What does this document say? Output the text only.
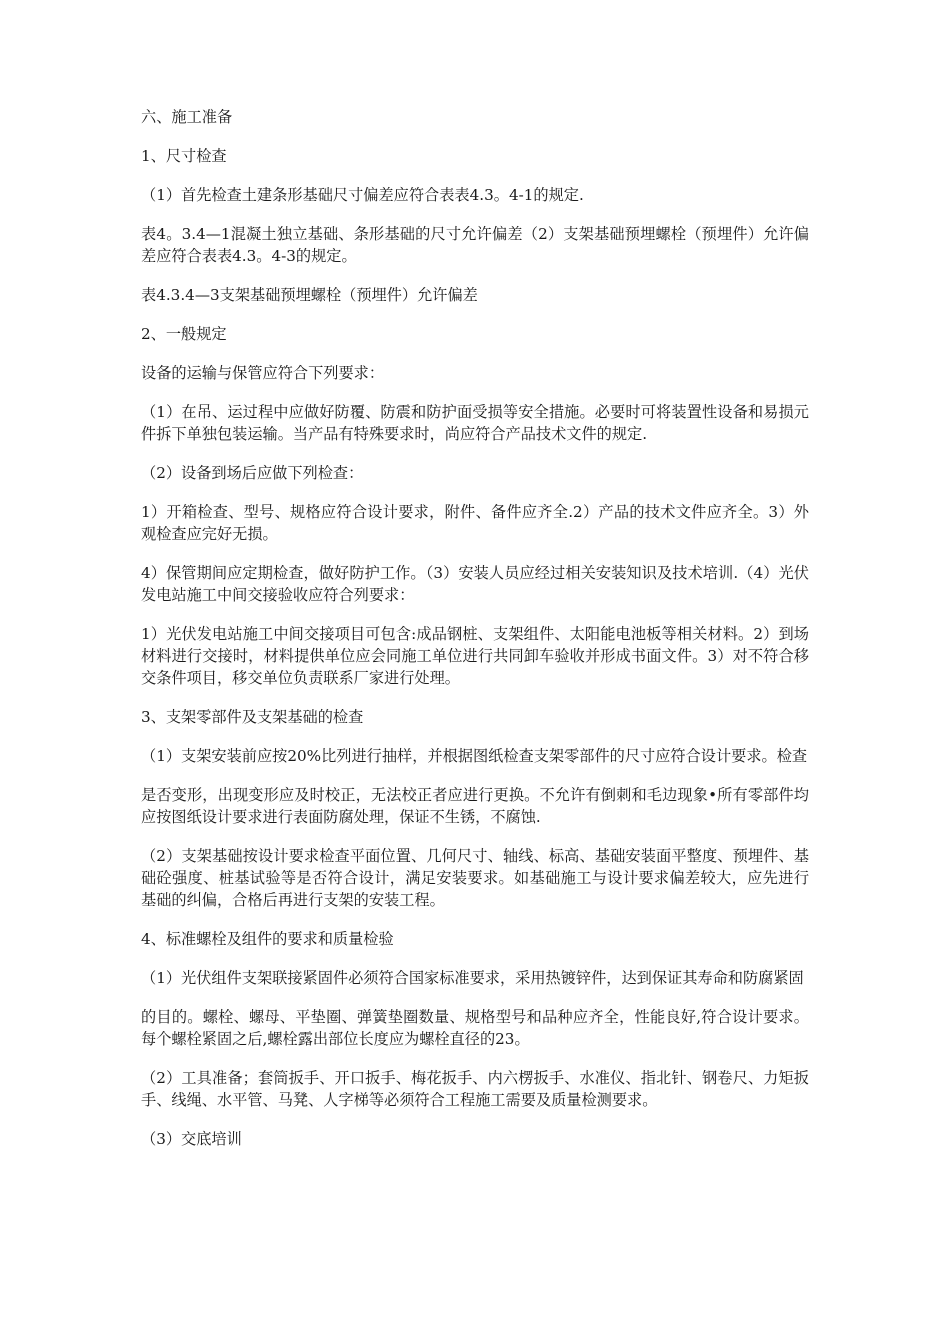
六、施工准备

1、尺寸检查

（1）首先检查土建条形基础尺寸偏差应符合表表4.3。4-1的规定.

表4。3.4—1混凝土独立基础、条形基础的尺寸允许偏差（2）支架基础预埋螺栓（预埋件）允许偏差应符合表表4.3。4-3的规定。

表4.3.4—3支架基础预埋螺栓（预埋件）允许偏差

2、一般规定

设备的运输与保管应符合下列要求：

（1）在吊、运过程中应做好防覆、防震和防护面受损等安全措施。必要时可将装置性设备和易损元件拆下单独包装运输。当产品有特殊要求时，尚应符合产品技术文件的规定.

（2）设备到场后应做下列检查：

1）开箱检查、型号、规格应符合设计要求，附件、备件应齐全.2）产品的技术文件应齐全。3）外观检查应完好无损。

4）保管期间应定期检查，做好防护工作。（3）安装人员应经过相关安装知识及技术培训.（4）光伏发电站施工中间交接验收应符合列要求：

1）光伏发电站施工中间交接项目可包含:成品钢桩、支架组件、太阳能电池板等相关材料。2）到场材料进行交接时，材料提供单位应会同施工单位进行共同卸车验收并形成书面文件。3）对不符合移交条件项目，移交单位负责联系厂家进行处理。

3、支架零部件及支架基础的检查

（1）支架安装前应按20%比列进行抽样，并根据图纸检查支架零部件的尺寸应符合设计要求。检查

是否变形，出现变形应及时校正，无法校正者应进行更换。不允许有倒刺和毛边现象•所有零部件均应按图纸设计要求进行表面防腐处理，保证不生锈，不腐蚀.

（2）支架基础按设计要求检查平面位置、几何尺寸、轴线、标高、基础安装面平整度、预埋件、基础砼强度、桩基试验等是否符合设计，满足安装要求。如基础施工与设计要求偏差较大，应先进行基础的纠偏，合格后再进行支架的安装工程。

4、标准螺栓及组件的要求和质量检验

（1）光伏组件支架联接紧固件必须符合国家标准要求，采用热镀锌件，达到保证其寿命和防腐紧固

的目的。螺栓、螺母、平垫圈、弹簧垫圈数量、规格型号和品种应齐全，性能良好,符合设计要求。每个螺栓紧固之后,螺栓露出部位长度应为螺栓直径的23。

（2）工具准备；套筒扳手、开口扳手、梅花扳手、内六楞扳手、水准仪、指北针、钢卷尺、力矩扳手、线绳、水平管、马凳、人字梯等必须符合工程施工需要及质量检测要求。

（3）交底培训
